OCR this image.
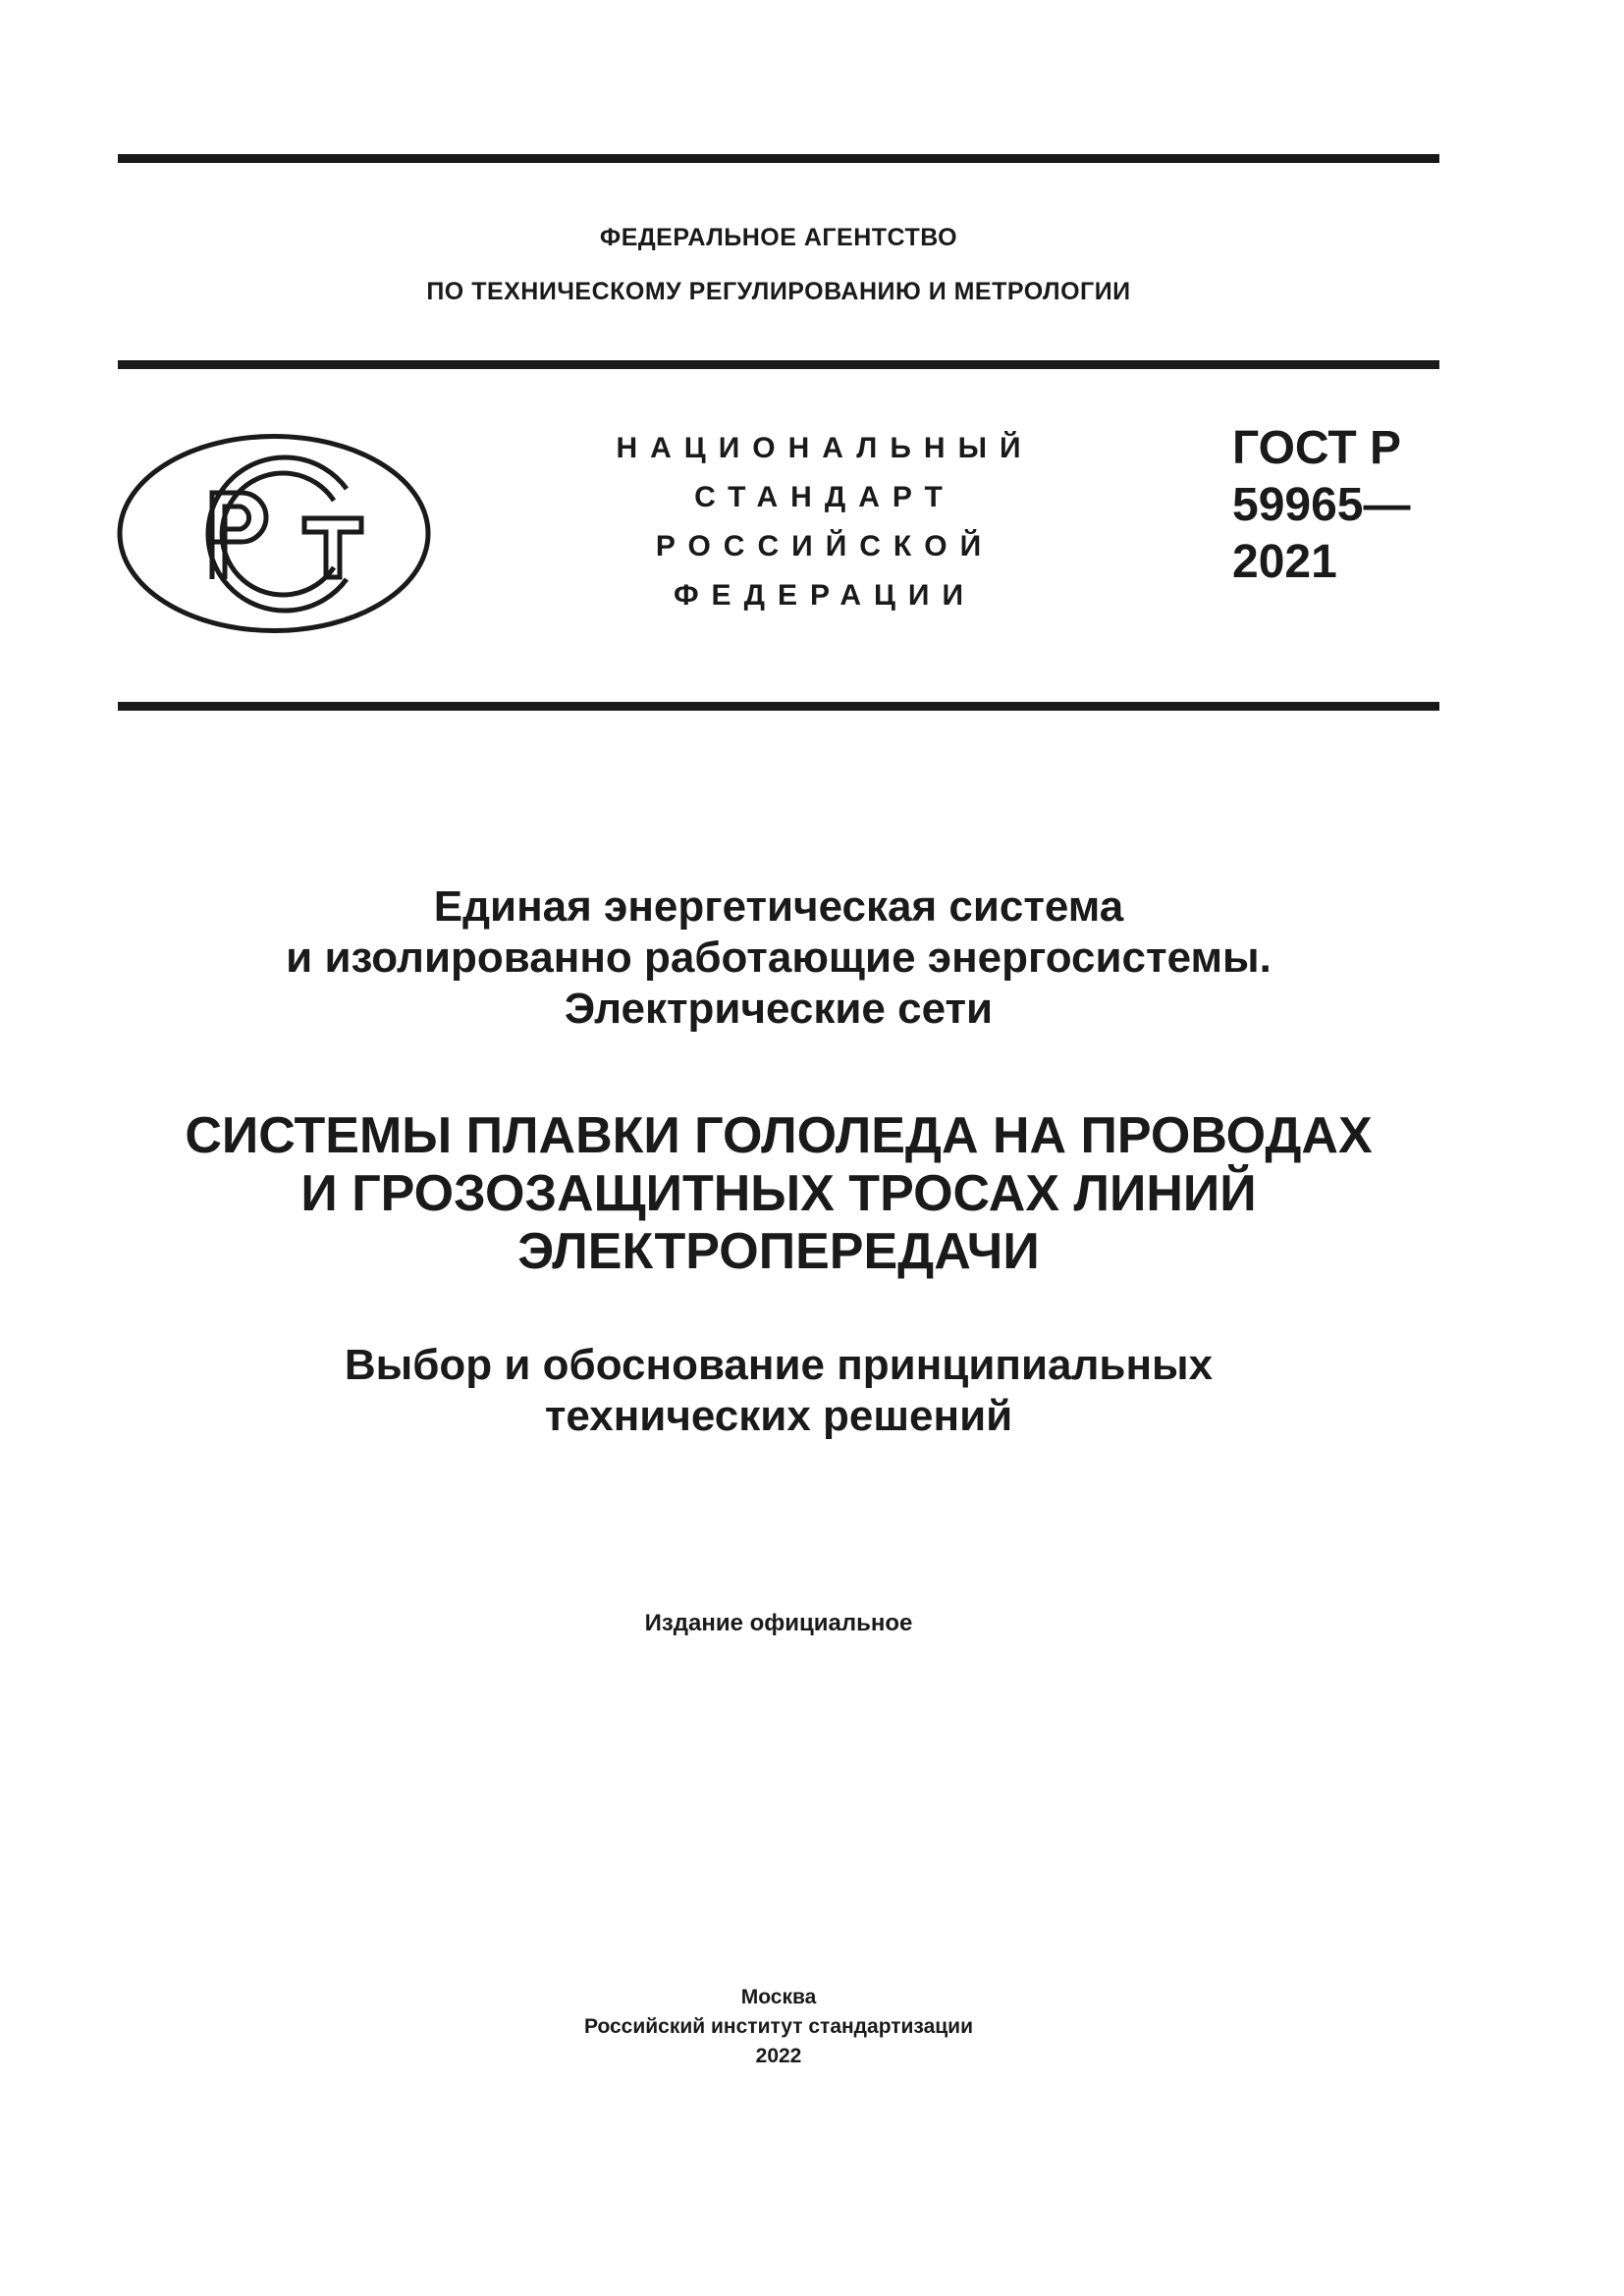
ФЕДЕРАЛЬНОЕ АГЕНТСТВО
ПО ТЕХНИЧЕСКОМУ РЕГУЛИРОВАНИЮ И МЕТРОЛОГИИ
НАЦИОНАЛЬНЫЙ
СТАНДАРТ
РОССИЙСКОЙ
ФЕДЕРАЦИИ
ГОСТ Р
59965—
2021
Единая энергетическая система
и изолированно работающие энергосистемы.
Электрические сети
СИСТЕМЫ ПЛАВКИ ГОЛОЛЕДА НА ПРОВОДАХ
И ГРОЗОЗАЩИТНЫХ ТРОСАХ ЛИНИЙ
ЭЛЕКТРОПЕРЕДАЧИ
Выбор и обоснование принципиальных
технических решений
Издание официальное
Москва
Российский институт стандартизации
2022
